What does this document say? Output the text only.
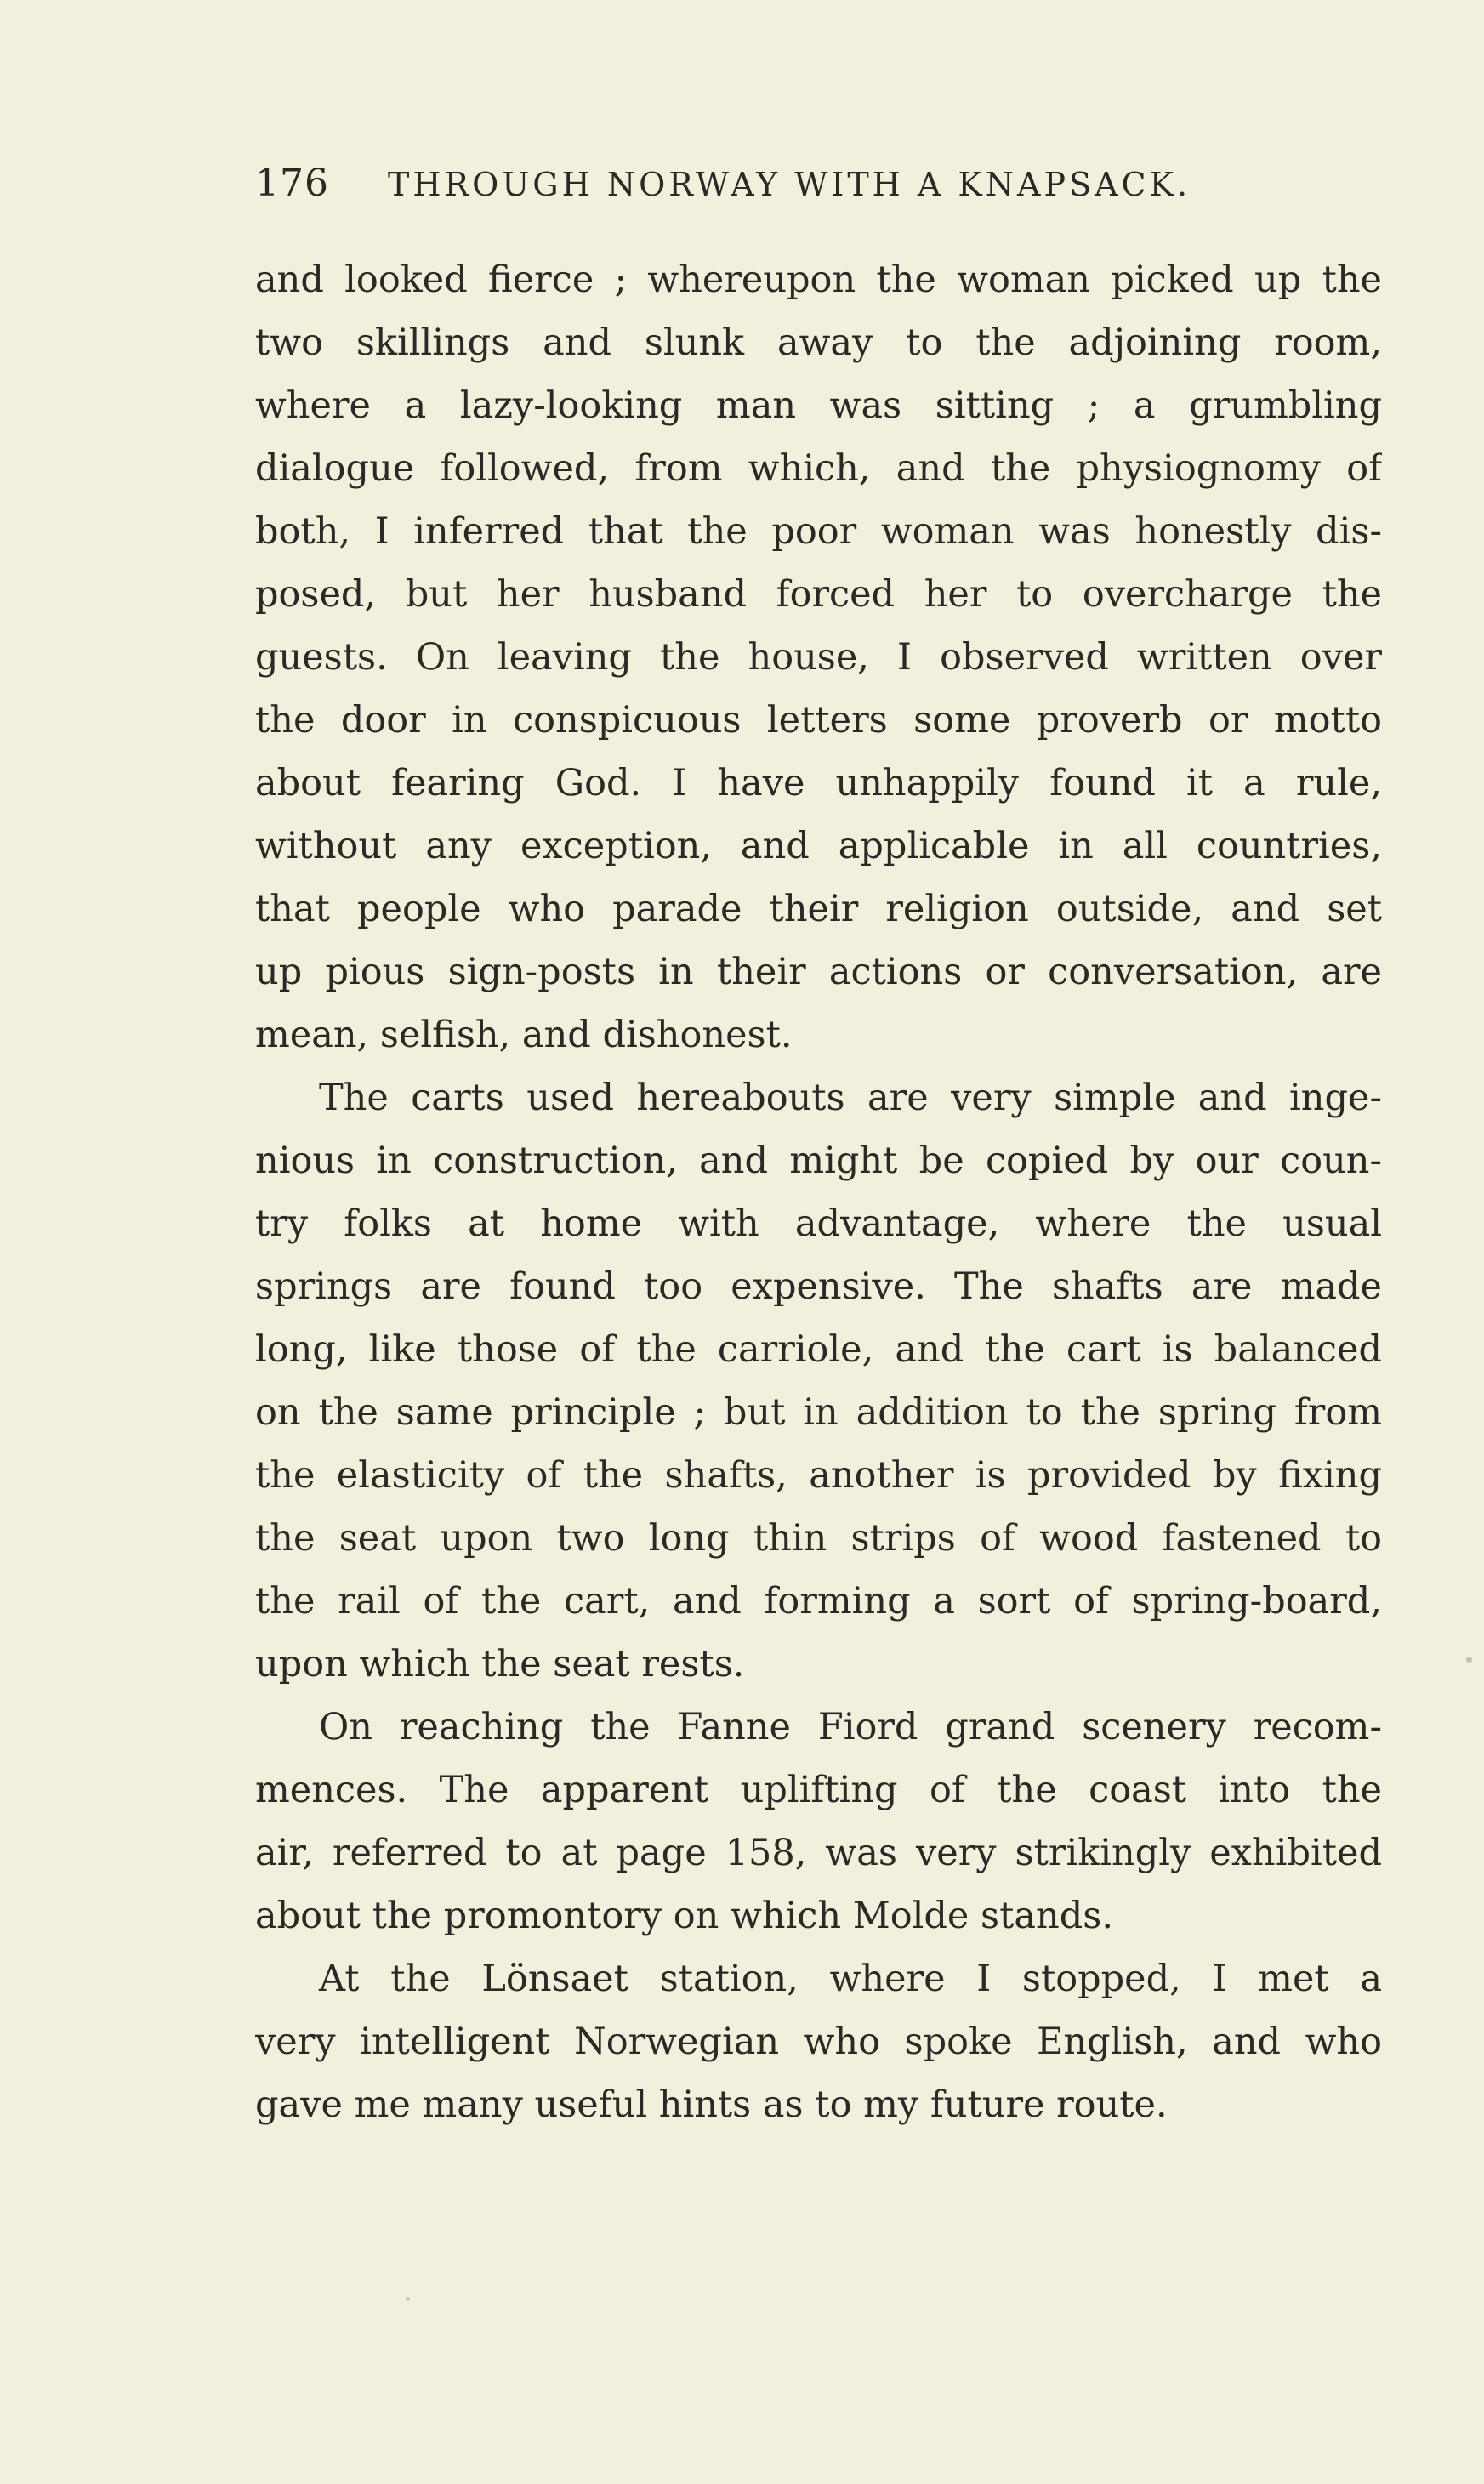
176 THROUGH NORWAY WITH A KNAPSACK.
and looked fierce ; whereupon the woman picked up the
two skillings and slunk away to the adjoining room,
where a lazy-looking man was sitting ; a grumbling
dialogue followed, from which, and the physiognomy of
both, I inferred that the poor woman was honestly dis-
posed, but her husband forced her to overcharge the
guests. On leaving the house, I observed written over
the door in conspicuous letters some proverb or motto
about fearing God. I have unhappily found it a rule,
without any exception, and applicable in all countries,
that people who parade their religion outside, and set
up pious sign-posts in their actions or conversation, are
mean, selfish, and dishonest.
The carts used hereabouts are very simple and inge-
nious in construction, and might be copied by our coun-
try folks at home with advantage, where the usual
springs are found too expensive. The shafts are made
long, like those of the carriole, and the cart is balanced
on the same principle ; but in addition to the spring from
the elasticity of the shafts, another is provided by fixing
the seat upon two long thin strips of wood fastened to
the rail of the cart, and forming a sort of spring-board,
upon which the seat rests.
On reaching the Fanne Fiord grand scenery recom-
mences. The apparent uplifting of the coast into the
air, referred to at page 158, was very strikingly exhibited
about the promontory on which Molde stands.
At the Lönsaet station, where I stopped, I met a
very intelligent Norwegian who spoke English, and who
gave me many useful hints as to my future route.
